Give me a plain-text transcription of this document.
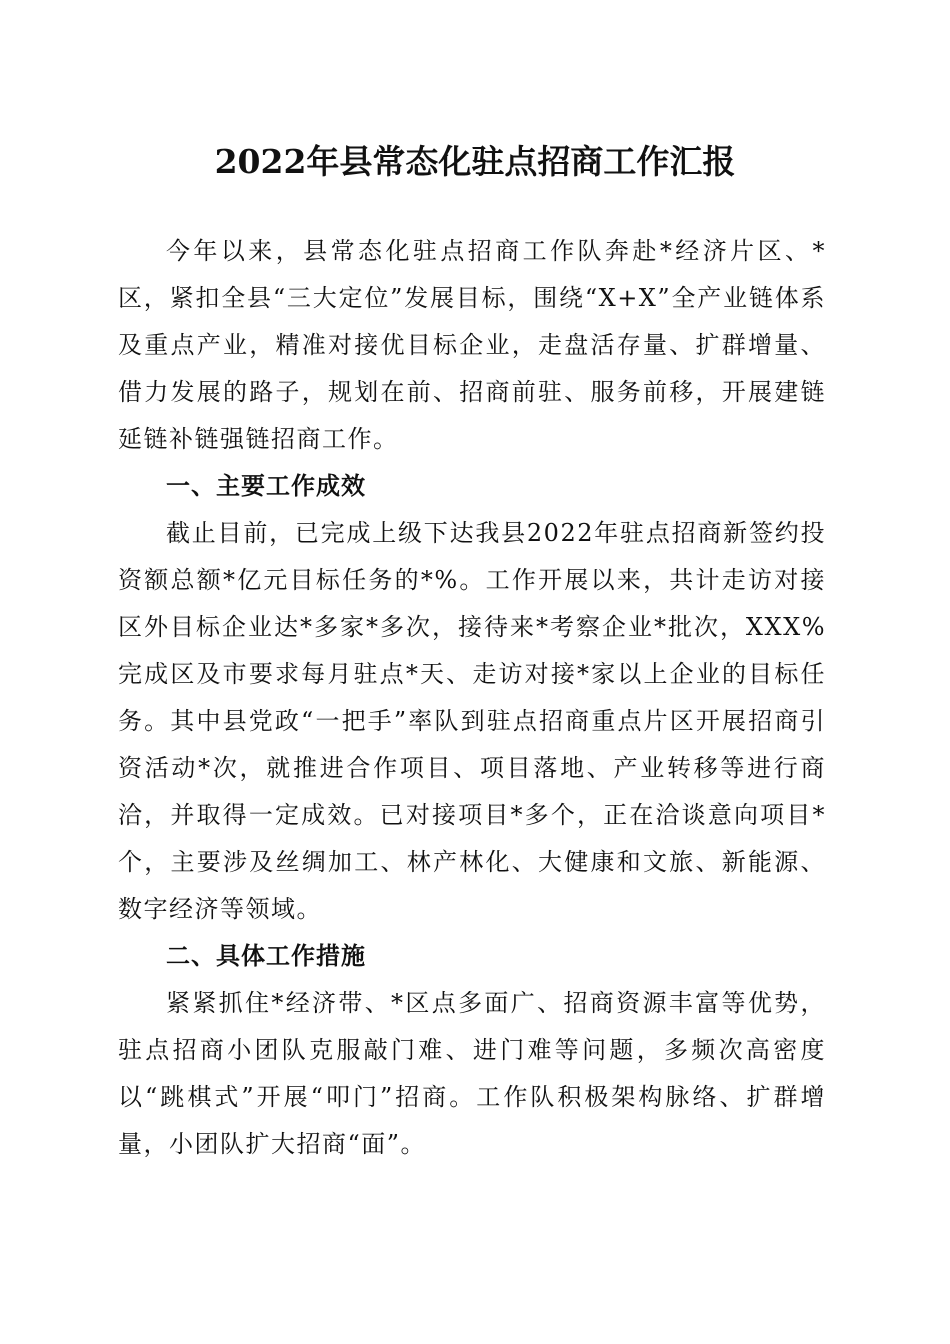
2022年县常态化驻点招商工作汇报

今年以来，县常态化驻点招商工作队奔赴*经济片区、*区，紧扣全县“三大定位”发展目标，围绕“X+X”全产业链体系及重点产业，精准对接优目标企业，走盘活存量、扩群增量、借力发展的路子，规划在前、招商前驻、服务前移，开展建链延链补链强链招商工作。

一、主要工作成效

截止目前，已完成上级下达我县2022年驻点招商新签约投资额总额*亿元目标任务的*%。工作开展以来，共计走访对接区外目标企业达*多家*多次，接待来*考察企业*批次，XXX%完成区及市要求每月驻点*天、走访对接*家以上企业的目标任务。其中县党政“一把手”率队到驻点招商重点片区开展招商引资活动*次，就推进合作项目、项目落地、产业转移等进行商洽，并取得一定成效。已对接项目*多个，正在洽谈意向项目*个，主要涉及丝绸加工、林产林化、大健康和文旅、新能源、数字经济等领域。

二、具体工作措施

紧紧抓住*经济带、*区点多面广、招商资源丰富等优势，驻点招商小团队克服敲门难、进门难等问题，多频次高密度以“跳棋式”开展“叩门”招商。工作队积极架构脉络、扩群增量，小团队扩大招商“面”。
